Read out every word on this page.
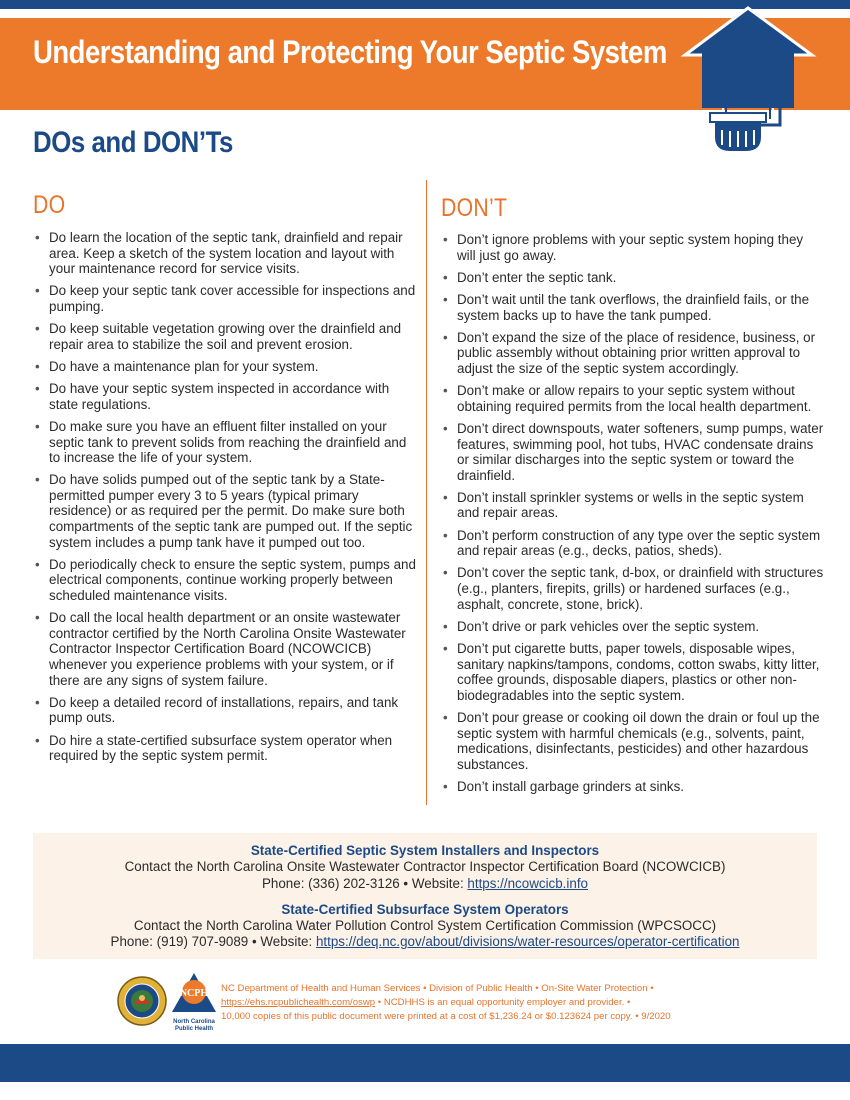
Understanding and Protecting Your Septic System
DOs and DON’Ts
DO
• Do learn the location of the septic tank, drainfield and repair area. Keep a sketch of the system location and layout with your maintenance record for service visits.
• Do keep your septic tank cover accessible for inspections and pumping.
• Do keep suitable vegetation growing over the drainfield and repair area to stabilize the soil and prevent erosion.
• Do have a maintenance plan for your system.
• Do have your septic system inspected in accordance with state regulations.
• Do make sure you have an effluent filter installed on your septic tank to prevent solids from reaching the drainfield and to increase the life of your system.
• Do have solids pumped out of the septic tank by a State-permitted pumper every 3 to 5 years (typical primary residence) or as required per the permit. Do make sure both compartments of the septic tank are pumped out. If the septic system includes a pump tank have it pumped out too.
• Do periodically check to ensure the septic system, pumps and electrical components, continue working properly between scheduled maintenance visits.
• Do call the local health department or an onsite wastewater contractor certified by the North Carolina Onsite Wastewater Contractor Inspector Certification Board (NCOWCICB) whenever you experience problems with your system, or if there are any signs of system failure.
• Do keep a detailed record of installations, repairs, and tank pump outs.
• Do hire a state-certified subsurface system operator when required by the septic system permit.
DON’T
• Don’t ignore problems with your septic system hoping they will just go away.
• Don’t enter the septic tank.
• Don’t wait until the tank overflows, the drainfield fails, or the system backs up to have the tank pumped.
• Don’t expand the size of the place of residence, business, or public assembly without obtaining prior written approval to adjust the size of the septic system accordingly.
• Don’t make or allow repairs to your septic system without obtaining required permits from the local health department.
• Don’t direct downspouts, water softeners, sump pumps, water features, swimming pool, hot tubs, HVAC condensate drains or similar discharges into the septic system or toward the drainfield.
• Don’t install sprinkler systems or wells in the septic system and repair areas.
• Don’t perform construction of any type over the septic system and repair areas (e.g., decks, patios, sheds).
• Don’t cover the septic tank, d-box, or drainfield with structures (e.g., planters, firepits, grills) or hardened surfaces (e.g., asphalt, concrete, stone, brick).
• Don’t drive or park vehicles over the septic system.
• Don’t put cigarette butts, paper towels, disposable wipes, sanitary napkins/tampons, condoms, cotton swabs, kitty litter, coffee grounds, disposable diapers, plastics or other non-biodegradables into the septic system.
• Don’t pour grease or cooking oil down the drain or foul up the septic system with harmful chemicals (e.g., solvents, paint, medications, disinfectants, pesticides) and other hazardous substances.
• Don’t install garbage grinders at sinks.
State-Certified Septic System Installers and Inspectors
Contact the North Carolina Onsite Wastewater Contractor Inspector Certification Board (NCOWCICB)
Phone: (336) 202-3126 • Website: https://ncowcicb.info
State-Certified Subsurface System Operators
Contact the North Carolina Water Pollution Control System Certification Commission (WPCSOCC)
Phone: (919) 707-9089 • Website: https://deq.nc.gov/about/divisions/water-resources/operator-certification
NCPH
North Carolina
Public Health
NC Department of Health and Human Services • Division of Public Health • On-Site Water Protection •
https://ehs.ncpublichealth.com/oswp • NCDHHS is an equal opportunity employer and provider. •
10,000 copies of this public document were printed at a cost of $1,236.24 or $0.123624 per copy. • 9/2020
